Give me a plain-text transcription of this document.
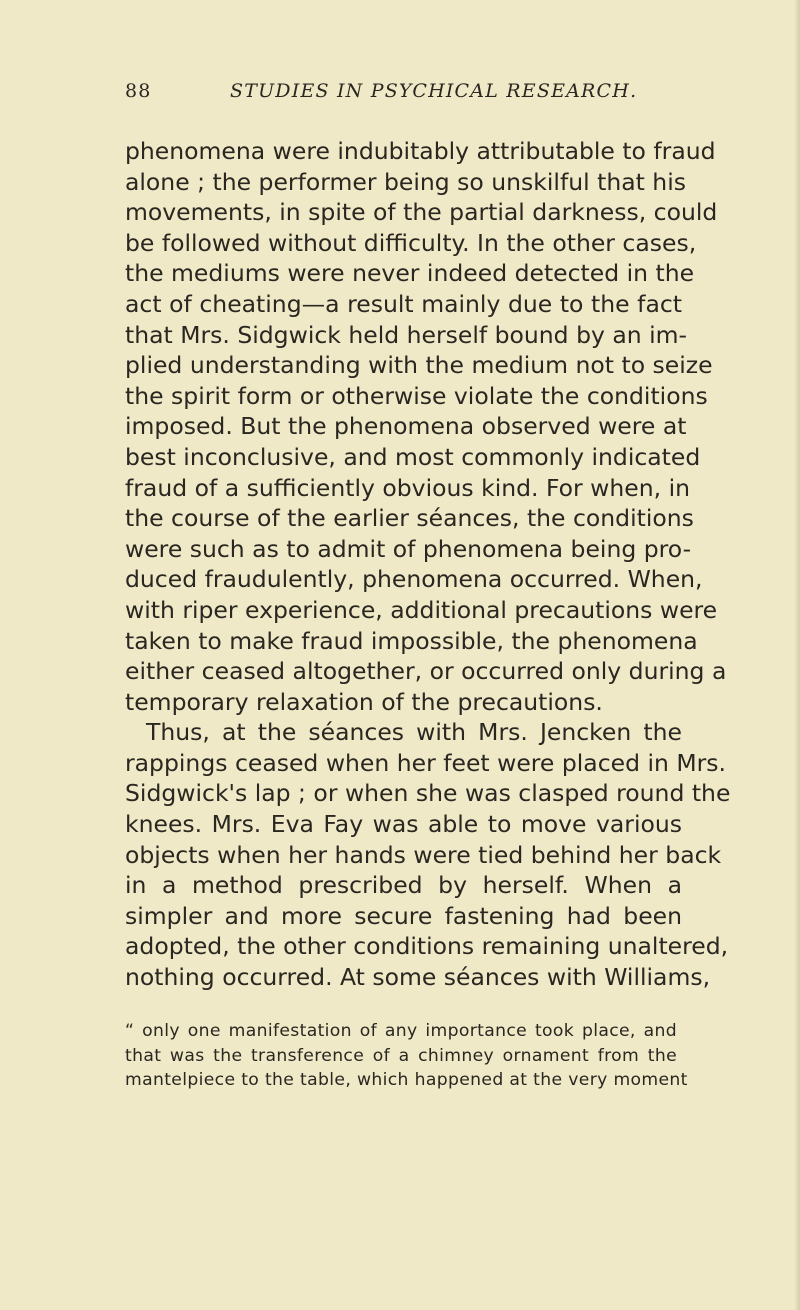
88	STUDIES IN PSYCHICAL RESEARCH.
phenomena were indubitably attributable to fraud
alone ; the performer being so unskilful that his
movements, in spite of the partial darkness, could
be followed without difficulty. In the other cases,
the mediums were never indeed detected in the
act of cheating—a result mainly due to the fact
that Mrs. Sidgwick held herself bound by an im-
plied understanding with the medium not to seize
the spirit form or otherwise violate the conditions
imposed. But the phenomena observed were at
best inconclusive, and most commonly indicated
fraud of a sufficiently obvious kind. For when, in
the course of the earlier séances, the conditions
were such as to admit of phenomena being pro-
duced fraudulently, phenomena occurred. When,
with riper experience, additional precautions were
taken to make fraud impossible, the phenomena
either ceased altogether, or occurred only during a
temporary relaxation of the precautions.
Thus, at the séances with Mrs. Jencken the
rappings ceased when her feet were placed in Mrs.
Sidgwick's lap ; or when she was clasped round the
knees. Mrs. Eva Fay was able to move various
objects when her hands were tied behind her back
in a method prescribed by herself. When a
simpler and more secure fastening had been
adopted, the other conditions remaining unaltered,
nothing occurred. At some séances with Williams,
“ only one manifestation of any importance took place, and
that was the transference of a chimney ornament from the
mantelpiece to the table, which happened at the very moment
